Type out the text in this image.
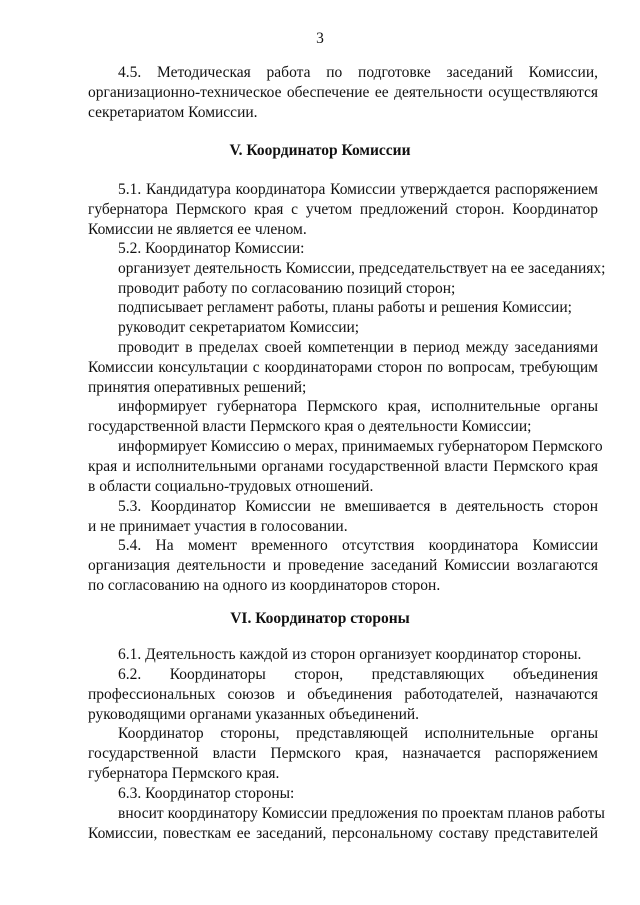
3
4.5. Методическая работа по подготовке заседаний Комиссии,
организационно-техническое обеспечение ее деятельности осуществляются
секретариатом Комиссии.
V. Координатор Комиссии
5.1. Кандидатура координатора Комиссии утверждается распоряжением
губернатора Пермского края с учетом предложений сторон. Координатор
Комиссии не является ее членом.
5.2. Координатор Комиссии:
организует деятельность Комиссии, председательствует на ее заседаниях;
проводит работу по согласованию позиций сторон;
подписывает регламент работы, планы работы и решения Комиссии;
руководит секретариатом Комиссии;
проводит в пределах своей компетенции в период между заседаниями
Комиссии консультации с координаторами сторон по вопросам, требующим
принятия оперативных решений;
информирует губернатора Пермского края, исполнительные органы
государственной власти Пермского края о деятельности Комиссии;
информирует Комиссию о мерах, принимаемых губернатором Пермского
края и исполнительными органами государственной власти Пермского края
в области социально-трудовых отношений.
5.3. Координатор Комиссии не вмешивается в деятельность сторон
и не принимает участия в голосовании.
5.4. На момент временного отсутствия координатора Комиссии
организация деятельности и проведение заседаний Комиссии возлагаются
по согласованию на одного из координаторов сторон.
VI. Координатор стороны
6.1. Деятельность каждой из сторон организует координатор стороны.
6.2. Координаторы сторон, представляющих объединения
профессиональных союзов и объединения работодателей, назначаются
руководящими органами указанных объединений.
Координатор стороны, представляющей исполнительные органы
государственной власти Пермского края, назначается распоряжением
губернатора Пермского края.
6.3. Координатор стороны:
вносит координатору Комиссии предложения по проектам планов работы
Комиссии, повесткам ее заседаний, персональному составу представителей
